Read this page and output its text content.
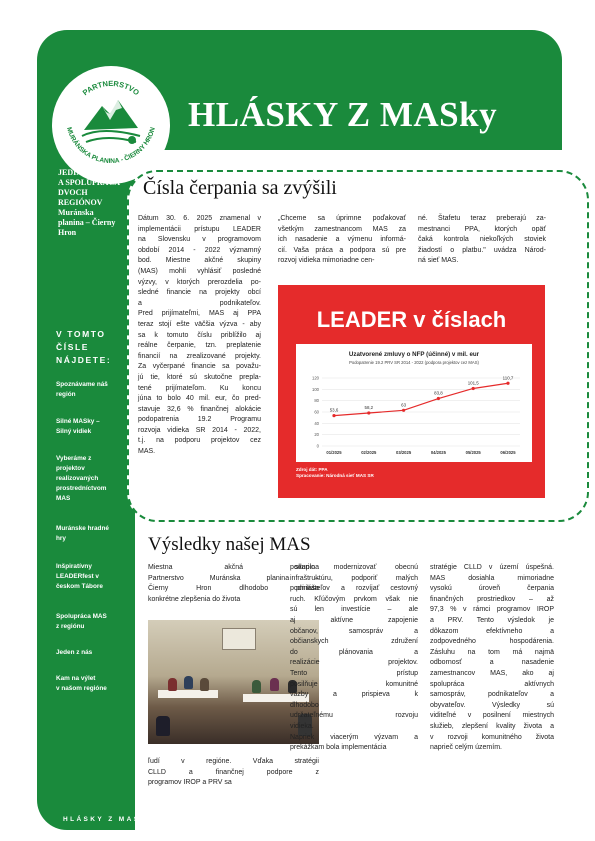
PARTNERSTVO
MURÁNSKA PLANINA - ČIERNY HRON HLÁSKY Z MASky
ROČNÍK 2025, ČÍSLO 1
JEDINEČNOSŤ
A SPOLUPRÁCA
DVOCH
REGIÓNOV
Muránska
planina – Čierny
Hron
V TOMTO
ČÍSLE
NÁJDETE:
Spoznávame náš
región
Silné MASky –
Silný vidiek
Vyberáme z
projektov
realizovaných
prostredníctvom
MAS
Muránske hradné
hry
Inšpiratívny
LEADERfest v
českom Tábore
Spolupráca MAS
z regiónu
Jeden z nás
Kam na výlet
v našom regióne
HLÁSKY Z MASKY
Čísla čerpania sa zvýšili

Dátum 30. 6. 2025 znamenal v

implementácii prístupu LEADER

na Slovensku v programovom

období 2014 - 2022 významný

bod. Miestne akčné skupiny

(MAS) mohli vyhlásiť posledné

výzvy, v ktorých prerozdelia po-

sledné financie na projekty obcí

a podnikateľov.

Pred prijímateľmi, MAS aj PPA

teraz stojí ešte väčšia výzva - aby

sa k tomuto číslu priblížilo aj

reálne čerpanie, tzn. preplatenie

financií na zrealizované projekty.

Za vyčerpané financie sa považu-

jú tie, ktoré sú skutočne prepla-

tené prijímateľom. Ku koncu

júna to bolo 40 mil. eur, čo pred-

stavuje 32,6 % finančnej alokácie

podopatrenia 19.2 Programu

rozvoja vidieka SR 2014 - 2022,

t.j. na podporu projektov cez

MAS.

„Chceme sa úprimne poďakovať

všetkým zamestnancom MAS za

ich nasadenie a výmenu informá-

cií. Vaša práca a podpora sú pre

rozvoj vidieka mimoriadne cen-

né. Štafetu teraz preberajú za-

mestnanci PPA, ktorých opäť

čaká kontrola niekoľkých stoviek

žiadostí o platbu." uvádza Národ-

ná sieť MAS.

LEADER v číslach
Uzatvorené zmluvy o NFP (účinné) v mil. eur
Podopatrenie 19.2 PRV SR 2014 - 2022 (podpora projektov cez MAS)
0
20
40
60
80
100
120
01/2025	02/2025	03/2025	04/2025	05/2025	06/2025
53,6
58,2
63
83,8
101,5
110,7
Zdroj dát: PPA
Spracovanie: Národná sieť MAS SR
Výsledky našej MAS

Miestna akčná skupina

Partnerstvo Muránska planina –

Čierny Hron dlhodobo prináša

konkrétne zlepšenia do života

ľudí v regióne. Vďaka stratégii

CLLD a finančnej podpore z

programov IROP a PRV sa

podarilo modernizovať obecnú

infraštruktúru, podporiť malých

podnikateľov a rozvíjať cestovný

ruch. Kľúčovým prvkom však nie

sú len investície – ale

aj aktívne zapojenie

občanov, samospráv a

občianskych združení

do plánovania a

realizácie projektov.

Tento prístup

posilňuje komunitné

väzby a prispieva k

dlhodobo

udržateľnému rozvoju

vidieka.

Napriek viacerým výzvam a

prekážkam bola implementácia

stratégie CLLD v území úspešná.

MAS dosiahla mimoriadne

vysokú úroveň čerpania

finančných prostriedkov – až

97,3 % v rámci programov IROP

a PRV. Tento výsledok je

dôkazom efektívneho a

zodpovedného hospodárenia.

Zásluhu na tom má najmä

odbornosť a nasadenie

zamestnancov MAS, ako aj

spolupráca aktívnych

samospráv, podnikateľov a

obyvateľov. Výsledky sú

viditeľné v posilnení miestnych

služieb, zlepšení kvality života a

v rozvoji komunitného života

naprieč celým územím.
